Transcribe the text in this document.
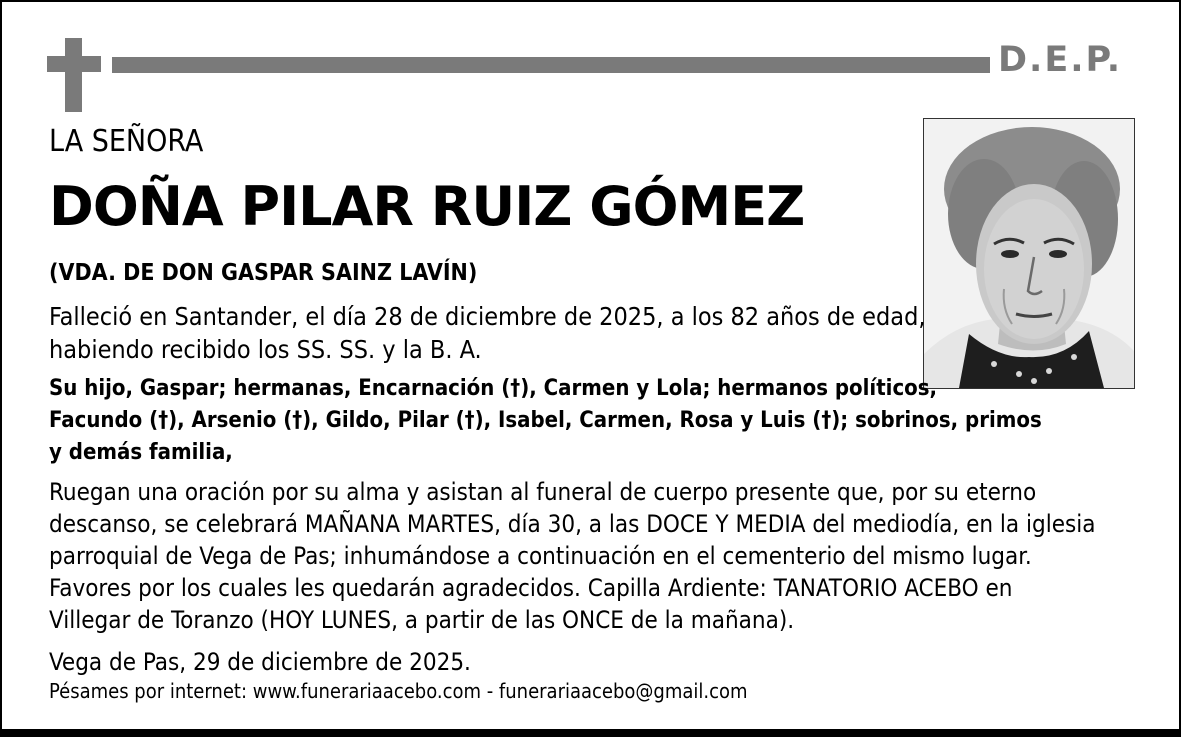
D.E.P.
LA SEÑORA
DOÑA PILAR RUIZ GÓMEZ
(VDA. DE DON GASPAR SAINZ LAVÍN)
Falleció en Santander, el día 28 de diciembre de 2025, a los 82 años de edad,
habiendo recibido los SS. SS. y la B. A.
Su hijo, Gaspar; hermanas, Encarnación (†), Carmen y Lola; hermanos políticos,
Facundo (†), Arsenio (†), Gildo, Pilar (†), Isabel, Carmen, Rosa y Luis (†); sobrinos, primos
y demás familia,
Ruegan una oración por su alma y asistan al funeral de cuerpo presente que, por su eterno
descanso, se celebrará MAÑANA MARTES, día 30, a las DOCE Y MEDIA del mediodía, en la iglesia
parroquial de Vega de Pas; inhumándose a continuación en el cementerio del mismo lugar.
Favores por los cuales les quedarán agradecidos. Capilla Ardiente: TANATORIO ACEBO en
Villegar de Toranzo (HOY LUNES, a partir de las ONCE de la mañana).
Vega de Pas, 29 de diciembre de 2025.
Pésames por internet: www.funerariaacebo.com - funerariaacebo@gmail.com
